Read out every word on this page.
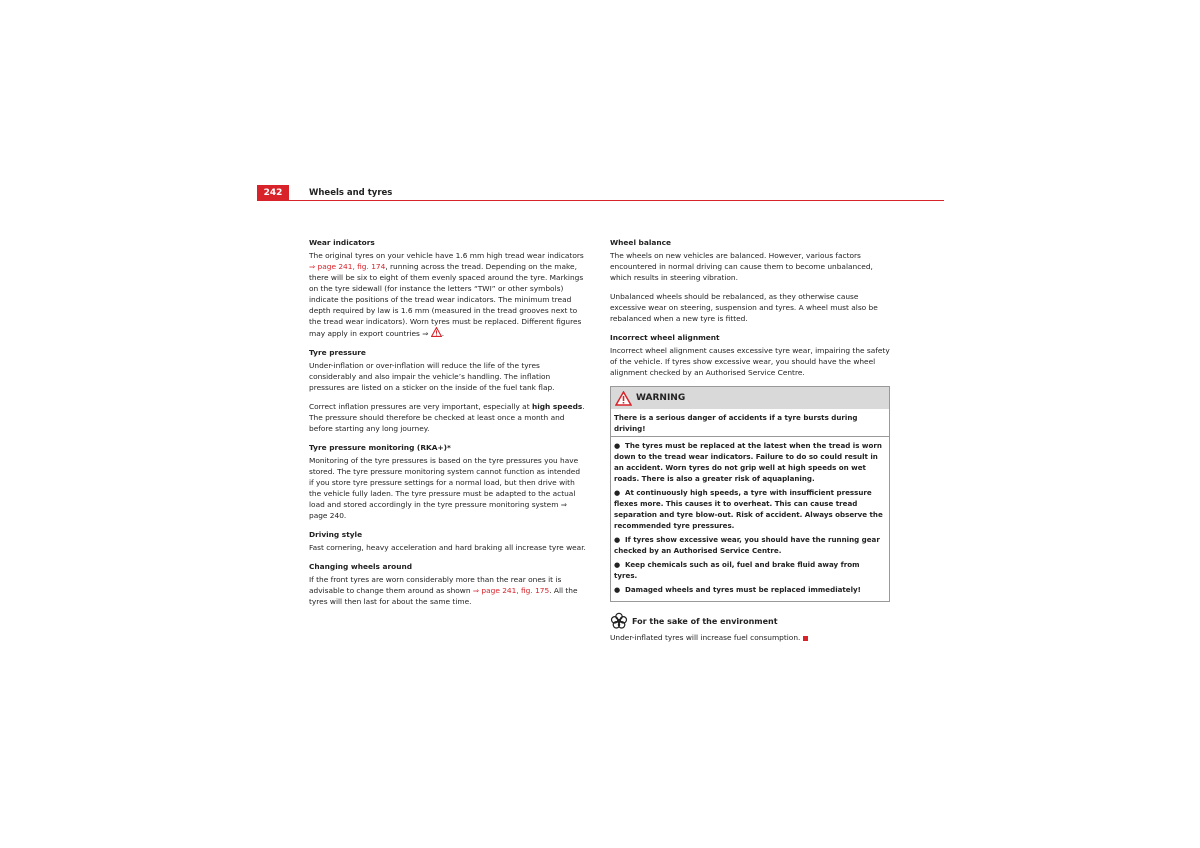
242	Wheels and tyres
Wear indicators

The original tyres on your vehicle have 1.6 mm high tread wear indicators ⇒ page 241, fig. 174, running across the tread. Depending on the make, there will be six to eight of them evenly spaced around the tyre. Markings on the tyre sidewall (for instance the letters “TWI” or other symbols) indicate the positions of the tread wear indicators. The minimum tread depth required by law is 1.6 mm (measured in the tread grooves next to the tread wear indicators). Worn tyres must be replaced. Different figures may apply in export countries ⇒ .

Tyre pressure

Under-inflation or over-inflation will reduce the life of the tyres considerably and also impair the vehicle’s handling. The inflation pressures are listed on a sticker on the inside of the fuel tank flap.

Correct inflation pressures are very important, especially at high speeds. The pressure should therefore be checked at least once a month and before starting any long journey.

Tyre pressure monitoring (RKA+)*

Monitoring of the tyre pressures is based on the tyre pressures you have stored. The tyre pressure monitoring system cannot function as intended if you store tyre pressure settings for a normal load, but then drive with the vehicle fully laden. The tyre pressure must be adapted to the actual load and stored accordingly in the tyre pressure monitoring system ⇒ page 240.

Driving style

Fast cornering, heavy acceleration and hard braking all increase tyre wear.

Changing wheels around

If the front tyres are worn considerably more than the rear ones it is advisable to change them around as shown ⇒ page 241, fig. 175. All the tyres will then last for about the same time.

Wheel balance

The wheels on new vehicles are balanced. However, various factors encountered in normal driving can cause them to become unbalanced, which results in steering vibration.

Unbalanced wheels should be rebalanced, as they otherwise cause excessive wear on steering, suspension and tyres. A wheel must also be rebalanced when a new tyre is fitted.

Incorrect wheel alignment

Incorrect wheel alignment causes excessive tyre wear, impairing the safety of the vehicle. If tyres show excessive wear, you should have the wheel alignment checked by an Authorised Service Centre.

WARNING

There is a serious danger of accidents if a tyre bursts during driving!

● The tyres must be replaced at the latest when the tread is worn down to the tread wear indicators. Failure to do so could result in an accident. Worn tyres do not grip well at high speeds on wet roads. There is also a greater risk of aquaplaning.

● At continuously high speeds, a tyre with insufficient pressure flexes more. This causes it to overheat. This can cause tread separation and tyre blow-out. Risk of accident. Always observe the recommended tyre pressures.

● If tyres show excessive wear, you should have the running gear checked by an Authorised Service Centre.

● Keep chemicals such as oil, fuel and brake fluid away from tyres.

● Damaged wheels and tyres must be replaced immediately!

For the sake of the environment

Under-inflated tyres will increase fuel consumption.
